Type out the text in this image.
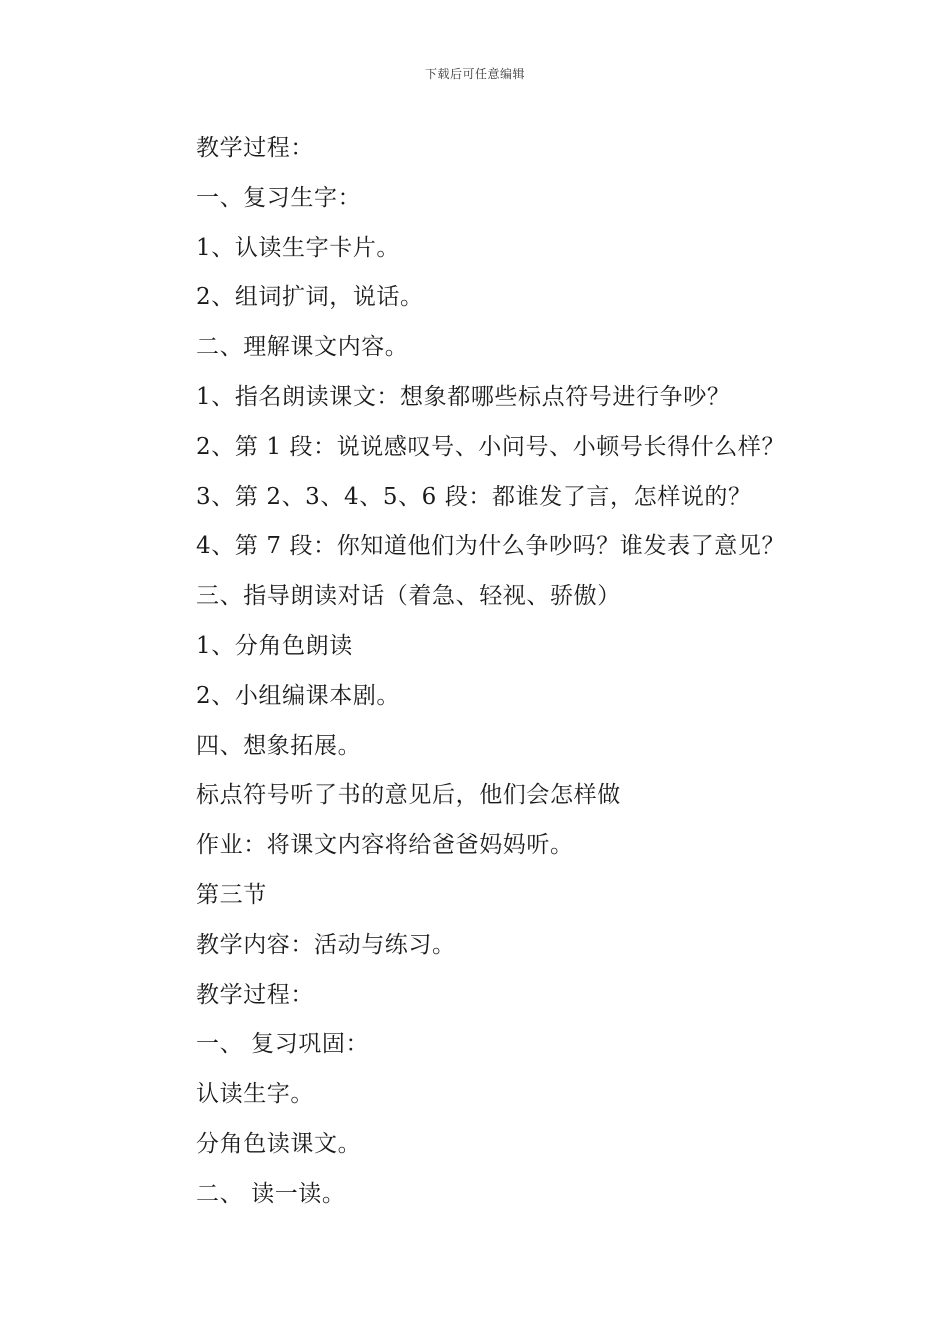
下载后可任意编辑
教学过程：
一、复习生字：
1、认读生字卡片。
2、组词扩词，说话。
二、理解课文内容。
1、指名朗读课文：想象都哪些标点符号进行争吵？
2、第 1 段：说说感叹号、小问号、小顿号长得什么样？
3、第 2、3、4、5、6 段：都谁发了言，怎样说的？
4、第 7 段：你知道他们为什么争吵吗？谁发表了意见？
三、指导朗读对话（着急、轻视、骄傲）
1、分角色朗读
2、小组编课本剧。
四、想象拓展。
标点符号听了书的意见后，他们会怎样做
作业：将课文内容将给爸爸妈妈听。
第三节
教学内容：活动与练习。
教学过程：
一、 复习巩固：
认读生字。
分角色读课文。
二、 读一读。
